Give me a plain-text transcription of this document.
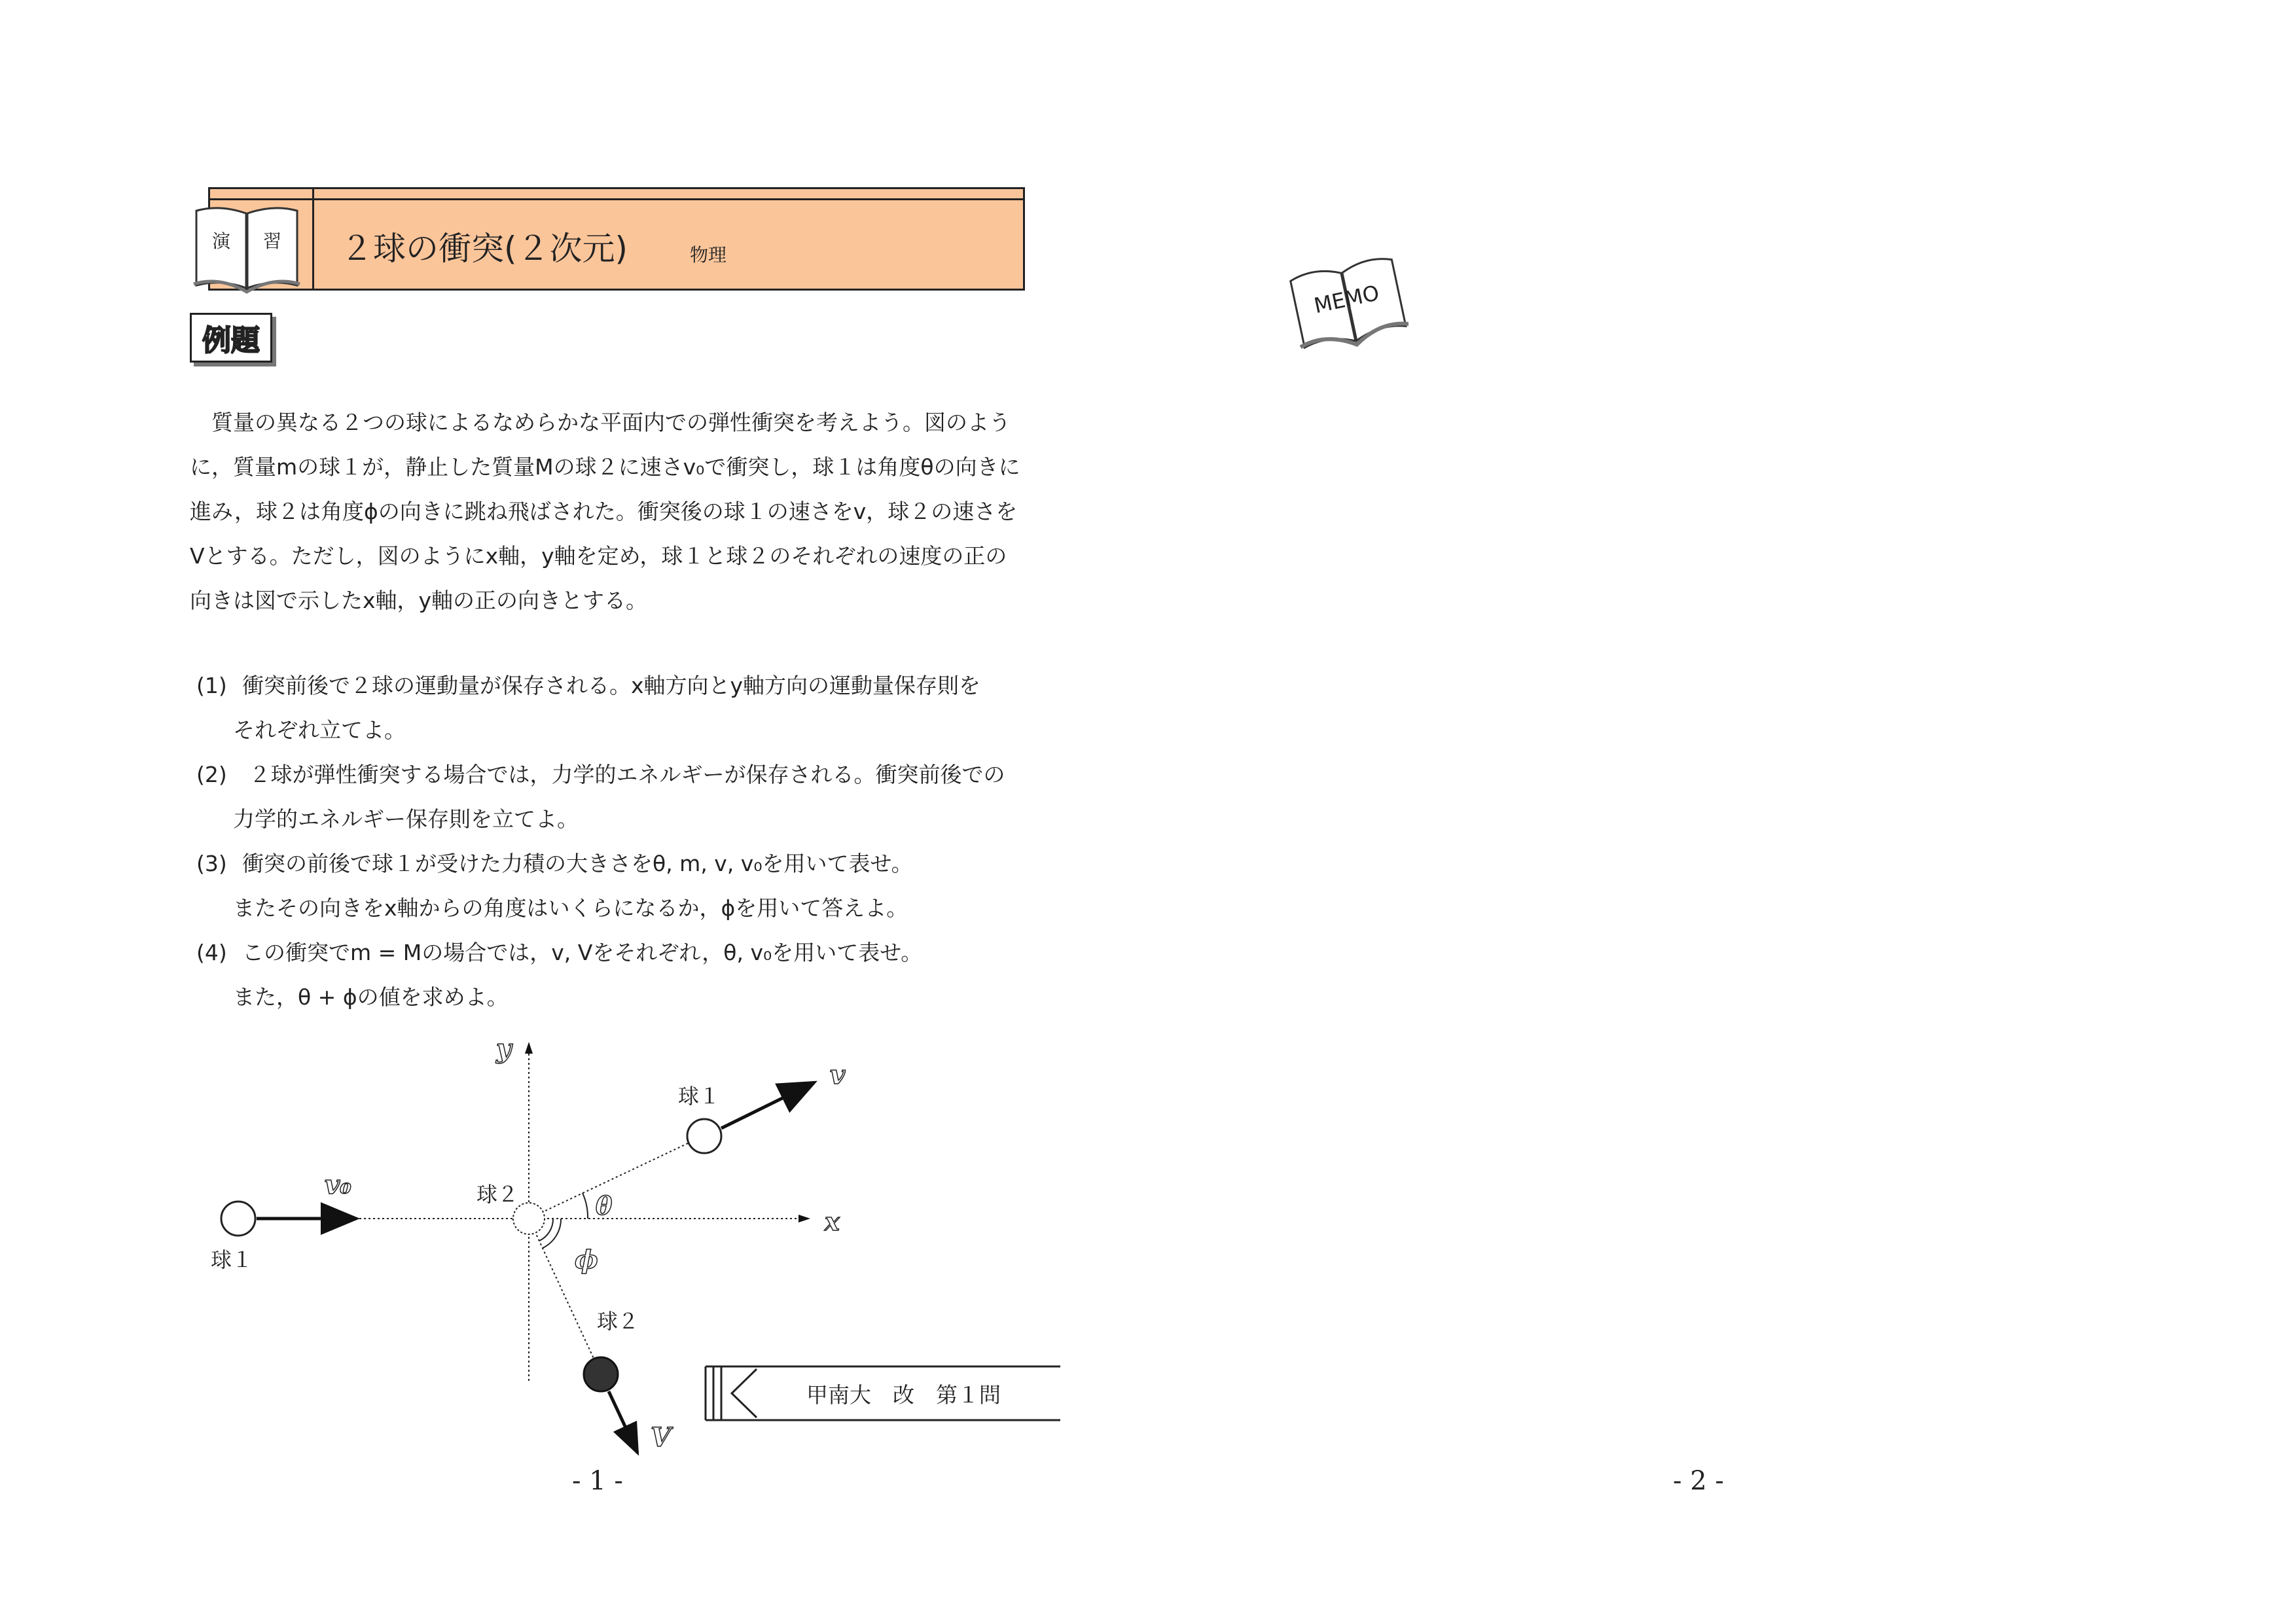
演 習 ２球の衝突(２次元)	物理
例題

質量の異なる２つの球によるなめらかな平面内での弾性衝突を考えよう。図のように，質量mの球１が，静止した質量Mの球２に速さv₀で衝突し，球１は角度θの向きに進み，球２は角度ϕの向きに跳ね飛ばされた。衝突後の球１の速さをv，球２の速さをVとする。ただし，図のようにx軸，y軸を定め，球１と球２のそれぞれの速度の正の向きは図で示したx軸，y軸の正の向きとする。

(1) 衝突前後で２球の運動量が保存される。x軸方向とy軸方向の運動量保存則を
それぞれ立てよ。
(2) ２球が弾性衝突する場合では，力学的エネルギーが保存される。衝突前後での
力学的エネルギー保存則を立てよ。
(3) 衝突の前後で球１が受けた力積の大きさをθ, m, v, v₀を用いて表せ。
またその向きをx軸からの角度はいくらになるか，ϕを用いて答えよ。
(4) この衝突でm = Mの場合では，v, Vをそれぞれ，θ, v₀を用いて表せ。
また，θ + ϕの値を求めよ。
y
x
球１
球１
球２
球２
v₀
v
V
θ
ϕ
甲南大　改　第１問
MEMO
- 1 -	- 2 -
